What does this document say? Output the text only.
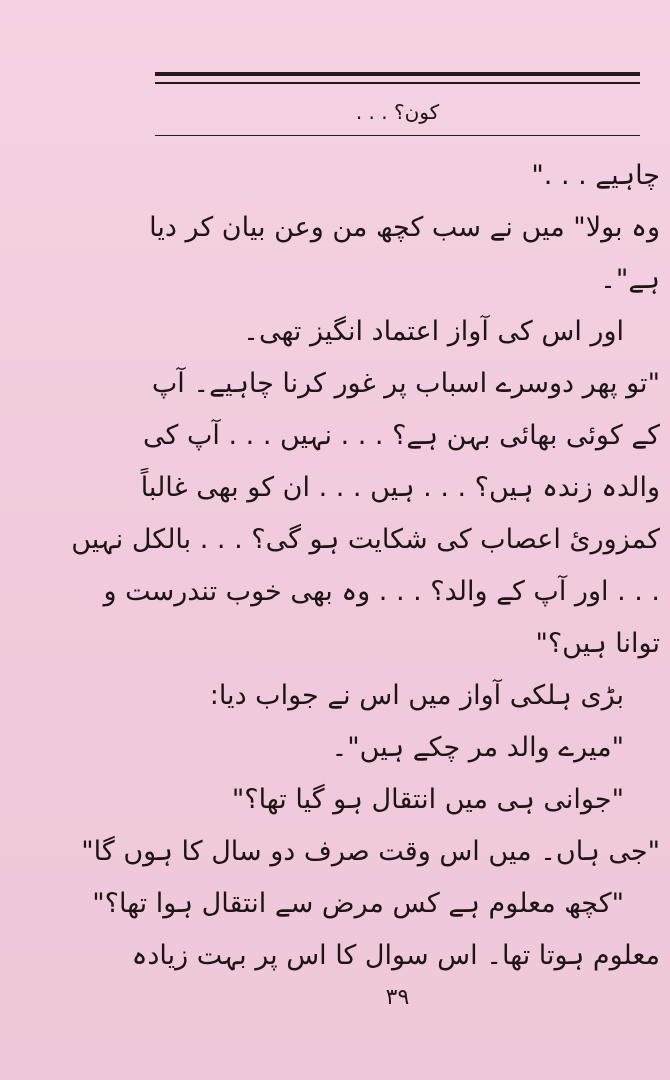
کون؟ . . .
چاہیے . . ."
وہ بولا" میں نے سب کچھ من وعن بیان کر دیا
ہے"۔
اور اس کی آواز اعتماد انگیز تھی۔
"تو پھر دوسرے اسباب پر غور کرنا چاہیے۔ آپ
کے کوئی بھائی بہن ہے؟ . . . نہیں . . . آپ کی
والدہ زندہ ہیں؟ . . . ہیں . . . ان کو بھی غالباً
کمزوریٔ اعصاب کی شکایت ہو گی؟ . . . بالکل نہیں
. . . اور آپ کے والد؟ . . . وہ بھی خوب تندرست و
توانا ہیں؟"
بڑی ہلکی آواز میں اس نے جواب دیا:
"میرے والد مر چکے ہیں"۔
"جوانی ہی میں انتقال ہو گیا تھا؟"
"جی ہاں۔ میں اس وقت صرف دو سال کا ہوں گا"
"کچھ معلوم ہے کس مرض سے انتقال ہوا تھا؟"
معلوم ہوتا تھا۔ اس سوال کا اس پر بہت زیادہ
۳۹
